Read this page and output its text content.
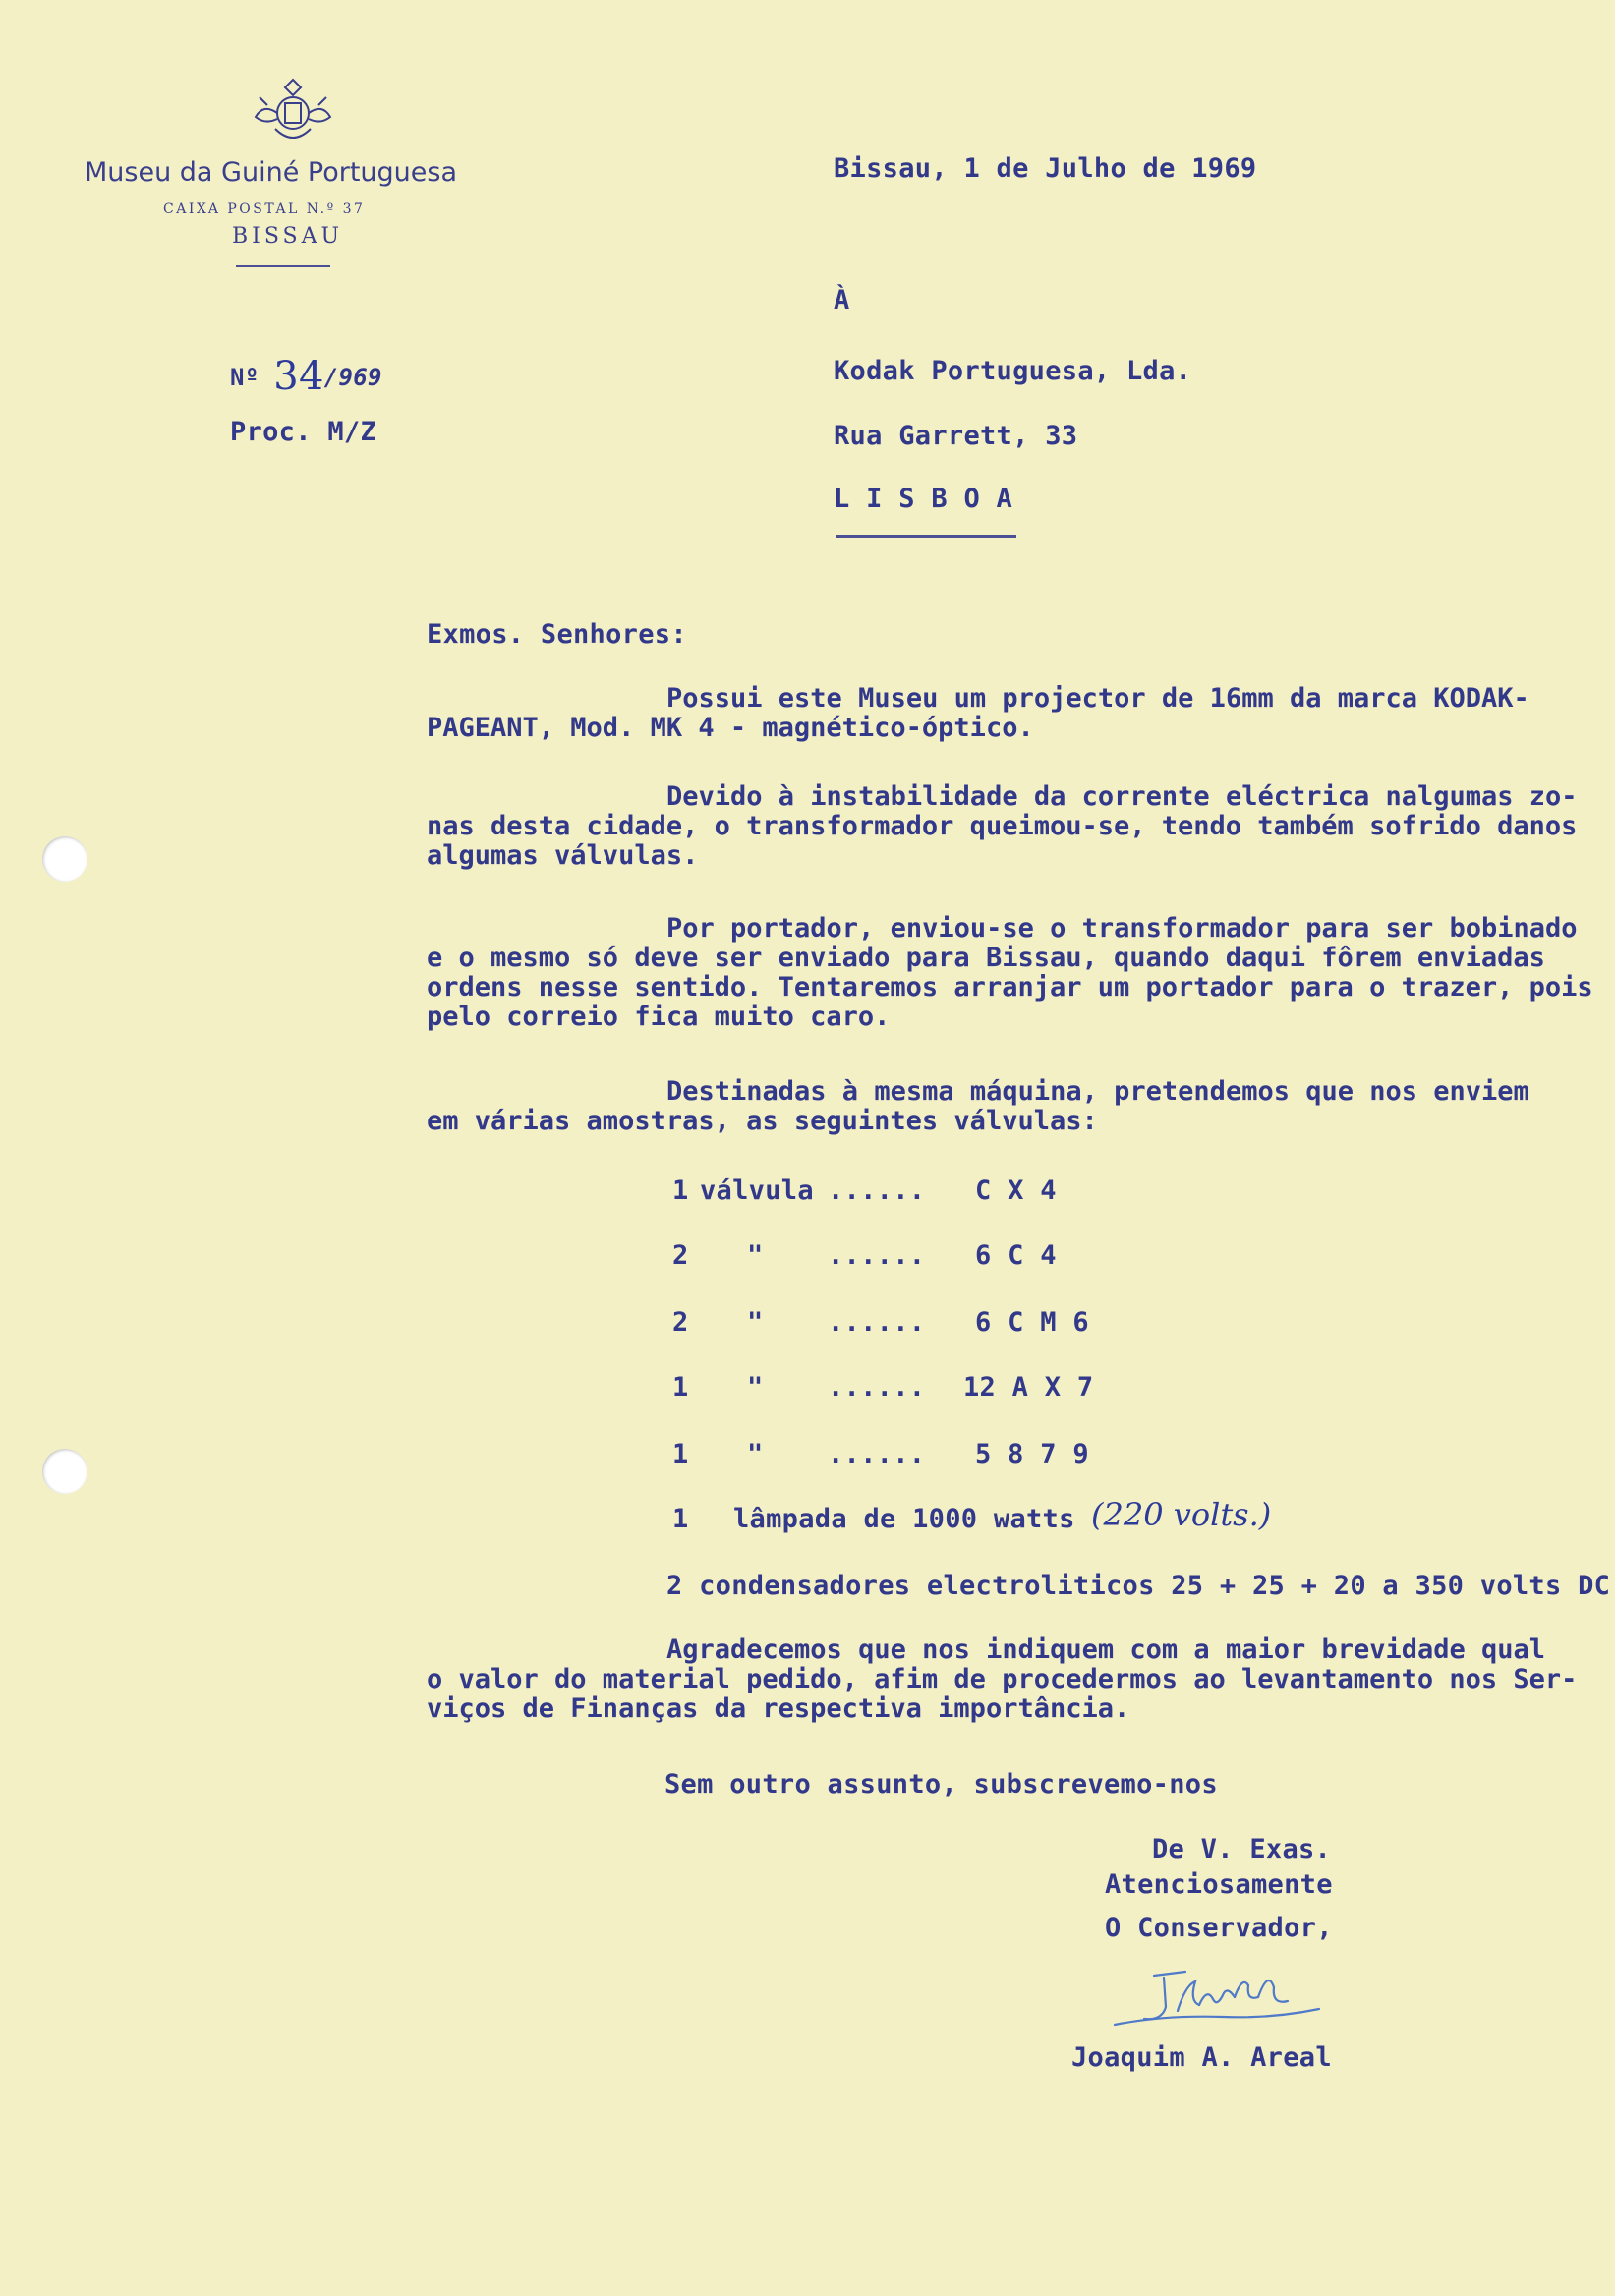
Museu da Guiné Portuguesa
CAIXA POSTAL N.º 37
BISSAU
Nº 34/969
Proc. M/Z
Bissau, 1 de Julho de 1969
À
Kodak Portuguesa, Lda.
Rua Garrett, 33
L I S B O A
Exmos. Senhores:
Possui este Museu um projector de 16mm da marca KODAK-
PAGEANT, Mod. MK 4 - magnético-óptico.
Devido à instabilidade da corrente eléctrica nalgumas zo-
nas desta cidade, o transformador queimou-se, tendo também sofrido danos
algumas válvulas.
Por portador, enviou-se o transformador para ser bobinado
e o mesmo só deve ser enviado para Bissau, quando daqui fôrem enviadas
ordens nesse sentido. Tentaremos arranjar um portador para o trazer, pois
pelo correio fica muito caro.
Destinadas à mesma máquina, pretendemos que nos enviem
em várias amostras, as seguintes válvulas:
1 válvula ...... C X 4
2 " ...... 6 C 4
2 " ...... 6 C M 6
1 " ...... 12 A X 7
1 " ...... 5 8 7 9
1 lâmpada de 1000 watts (220 volts.)
2 condensadores electroliticos 25 + 25 + 20 a 350 volts DC
Agradecemos que nos indiquem com a maior brevidade qual
o valor do material pedido, afim de procedermos ao levantamento nos Ser-
viços de Finanças da respectiva importância.
Sem outro assunto, subscrevemo-nos
De V. Exas.
Atenciosamente
O Conservador,
Joaquim A. Areal
